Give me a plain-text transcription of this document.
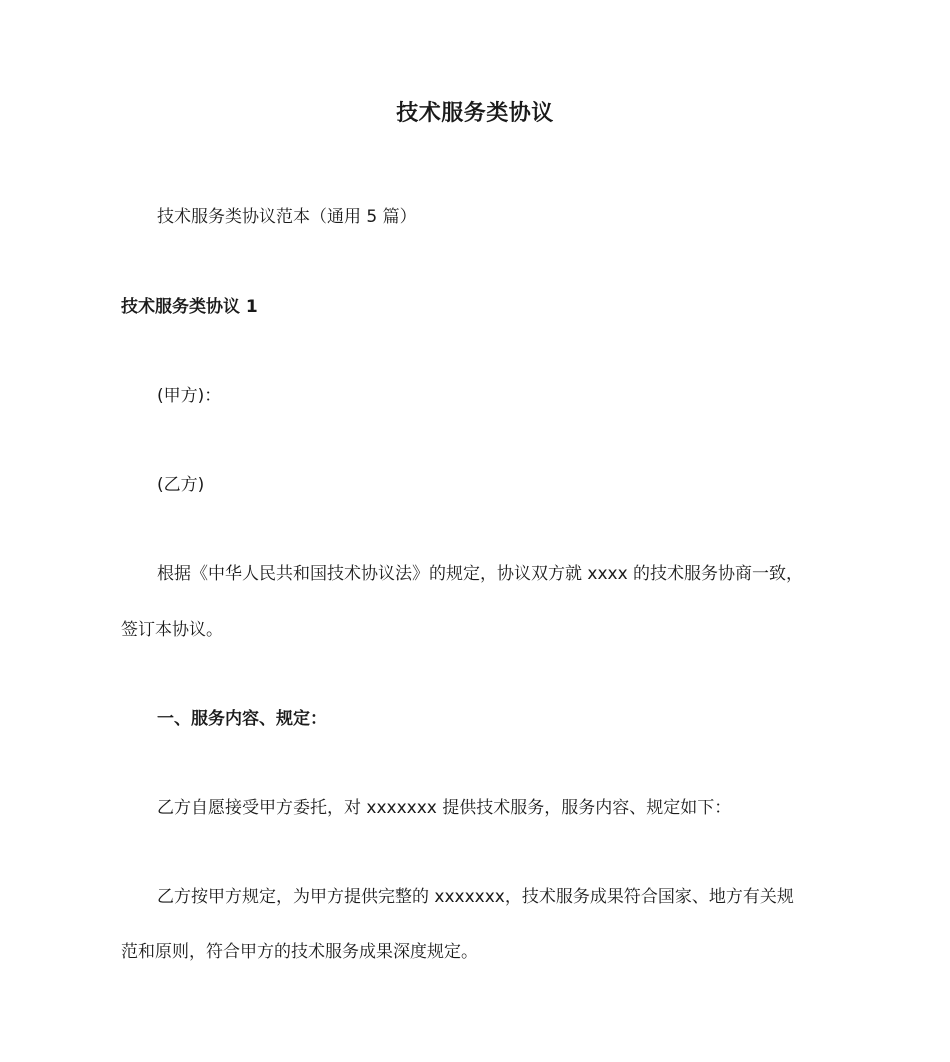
技术服务类协议
技术服务类协议范本（通用 5 篇）
技术服务类协议 1
(甲方)：
(乙方)
根据《中华人民共和国技术协议法》的规定，协议双方就 xxxx 的技术服务协商一致，
签订本协议。
一、服务内容、规定：
乙方自愿接受甲方委托，对 xxxxxxx 提供技术服务，服务内容、规定如下：
乙方按甲方规定，为甲方提供完整的 xxxxxxx，技术服务成果符合国家、地方有关规
范和原则，符合甲方的技术服务成果深度规定。
